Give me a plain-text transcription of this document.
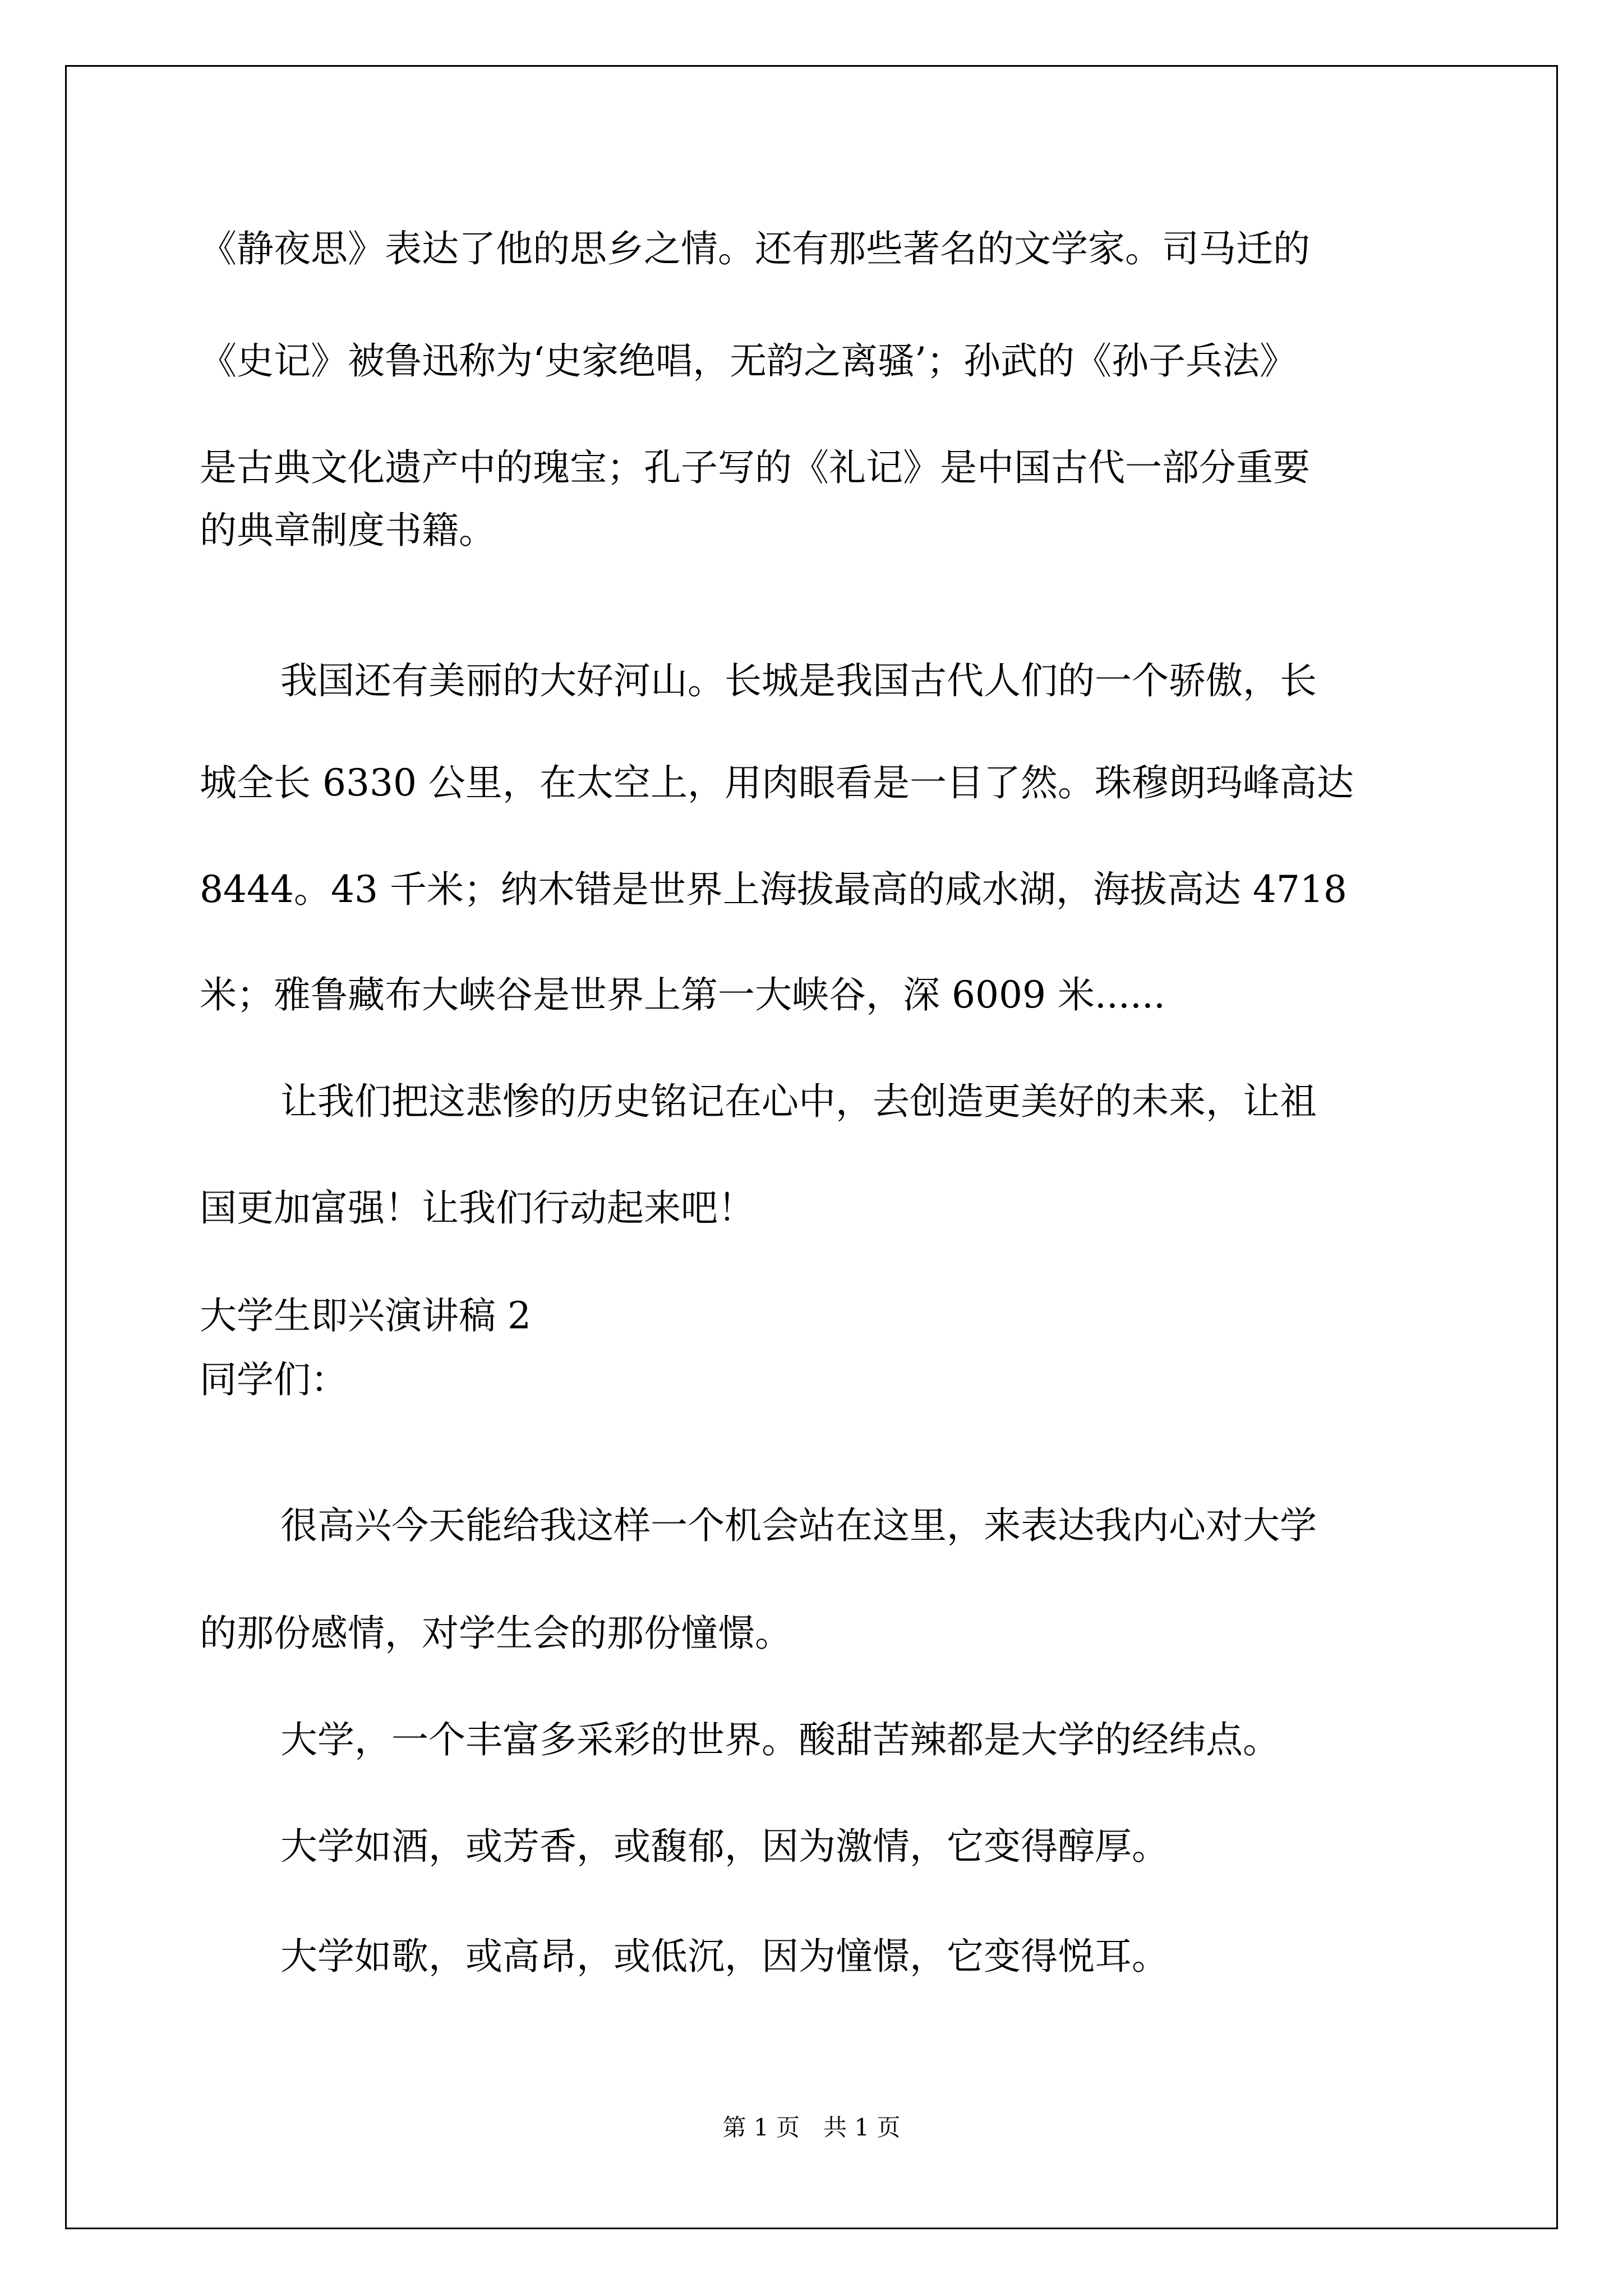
《静夜思》表达了他的思乡之情。还有那些著名的文学家。司马迁的
《史记》被鲁迅称为‘史家绝唱，无韵之离骚’；孙武的《孙子兵法》
是古典文化遗产中的瑰宝；孔子写的《礼记》是中国古代一部分重要
的典章制度书籍。
我国还有美丽的大好河山。长城是我国古代人们的一个骄傲，长
城全长 6330 公里，在太空上，用肉眼看是一目了然。珠穆朗玛峰高达
8444。43 千米；纳木错是世界上海拔最高的咸水湖，海拔高达 4718
米；雅鲁藏布大峡谷是世界上第一大峡谷，深 6009 米......
让我们把这悲惨的历史铭记在心中，去创造更美好的未来，让祖
国更加富强！让我们行动起来吧！
大学生即兴演讲稿 2
同学们：
很高兴今天能给我这样一个机会站在这里，来表达我内心对大学
的那份感情，对学生会的那份憧憬。
大学，一个丰富多采彩的世界。酸甜苦辣都是大学的经纬点。
大学如酒，或芳香，或馥郁，因为激情，它变得醇厚。
大学如歌，或高昂，或低沉，因为憧憬，它变得悦耳。
第 1 页　共 1 页
